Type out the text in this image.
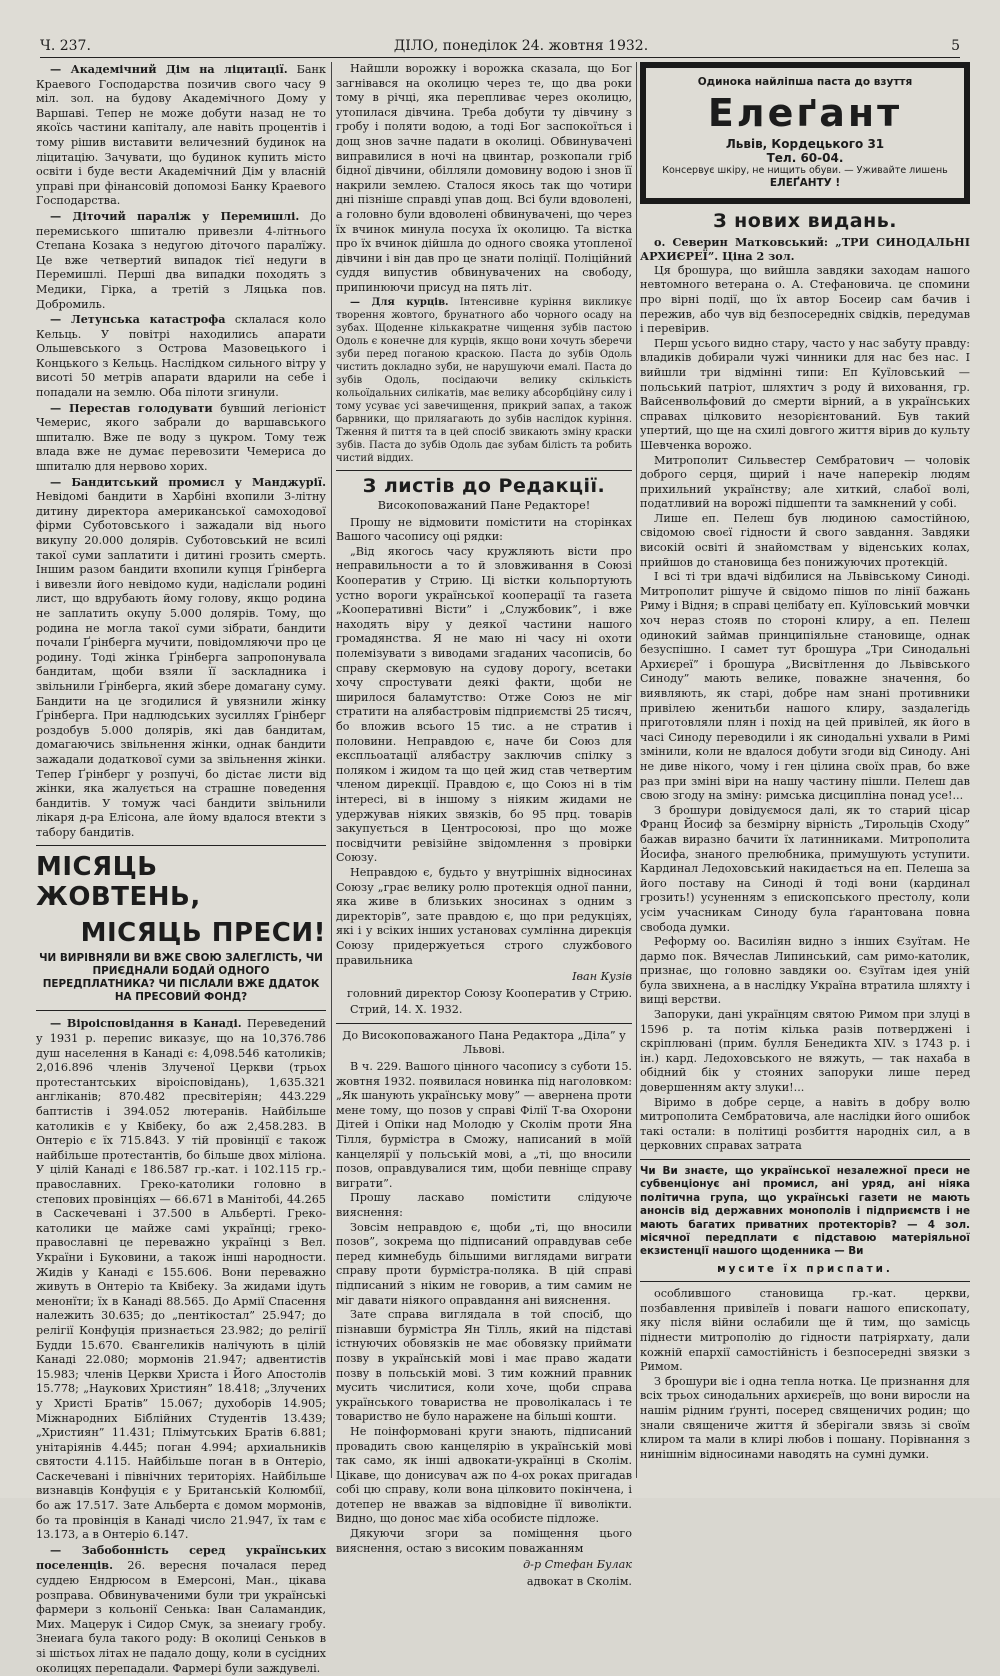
Ч. 237.	ДІЛО, понеділок 24. жовтня 1932.	5

— Академічний Дім на ліцитації. Банк Краевого Господарства позичив свого часу 9 міл. зол. на будову Академічного Дому у Варшаві. Тепер не може добути назад не то якоїсь частини капіталу, але навіть процентів і тому рішив виставити величезний будинок на ліцитацію. Зачувати, що будинок купить місто освіти і буде вести Академічний Дім у власній управі при фінансовій допомозі Банку Краевого Господарства.

— Діточий параліж у Перемишлі. До перемиського шпиталю привезли 4-літнього Степана Козака з недугою діточого паралїжу. Це вже четвертий випадок тієї недуги в Перемишлі. Перші два випадки походять з Медики, Гірка, а третій з Ляцька пов. Добромиль.

— Летунська катастрофа склалася коло Кельць. У повітрі находились апарати Ольшевського з Острова Мазовецького і Концького з Кельць. Наслідком сильного вітру у висоті 50 метрів апарати вдарили на себе і попадали на землю. Оба пілоти згинули.

— Перестав голодувати бувший легіоніст Чемерис, якого забрали до варшавського шпиталю. Вже пе воду з цукром. Тому теж влада вже не думає перевозити Чемериса до шпиталю для нервово хорих.

— Бандитський промисл у Манджурії. Невідомі бандити в Харбіні вхопили 3-літну дитину директора американської самоходової фірми Суботовського і зажадали від нього викупу 20.000 долярів. Суботовський не всилі такої суми заплатити і дитині грозить смерть. Іншим разом бандити вхопили купця Ґрінберга і вивезли його невідомо куди, надіслали родині лист, що вдрубають йому голову, якщо родина не заплатить окупу 5.000 долярів. Тому, що родина не могла такої суми зібрати, бандити почали Ґрінберга мучити, повідомляючи про це родину. Тоді жінка Ґрінберга запропонувала бандитам, щоби взяли її заскладника і звільнили Ґрінберга, який збере домагану суму. Бандити на це згодилися й увязнили жінку Ґрінберга. При надлюдських зусиллях Ґрінберг роздобув 5.000 долярів, які дав бандитам, домагаючись звільнення жінки, однак бандити зажадали додаткової суми за звільнення жінки. Тепер Ґрінберг у розпучі, бо дістає листи від жінки, яка жалується на страшне поведення бандитів. У томуж часі бандити звільнили лікаря д-ра Елісона, але йому вдалося втекти з табору бандитів.

МІСЯЦЬ ЖОВТЕНЬ,
МІСЯЦЬ ПРЕСИ!
ЧИ ВИРІВНЯЛИ ВИ ВЖЕ СВОЮ ЗАЛЕГЛІСТЬ, ЧИ ПРИЄДНАЛИ БОДАЙ ОДНОГО ПЕРЕДПЛАТНИКА? ЧИ ПІСЛАЛИ ВЖЕ ДДАТОК НА ПРЕСОВИЙ ФОНД?

— Віроісповідання в Канаді. Переведений у 1931 р. перепис виказує, що на 10,376.786 душ населення в Канаді є: 4,098.546 католиків; 2,016.896 членів Злученої Церкви (трьох протестантських віроісповідань), 1,635.321 англіканів; 870.482 пресвітеріян; 443.229 баптистів і 394.052 лютеранів. Найбільше католиків є у Квібеку, бо аж 2,458.283. В Онтеріо є їх 715.843. У тій провінції є також найбільше протестантів, бо більше двох міліона. У цілій Канаді є 186.587 гр.-кат. і 102.115 гр.-православних. Греко-католики головно в степових провінціях — 66.671 в Манітобі, 44.265 в Саскечевані і 37.500 в Альберті. Греко-католики це майже самі українці; греко-православні це переважно українці з Вел. України і Буковини, а також інші народности. Жидів у Канаді є 155.606. Вони переважно живуть в Онтеріо та Квібеку. За жидами ідуть менонїти; їх в Канаді 88.565. До Армії Спасення належить 30.635; до „пентікостал” 25.947; до релігії Конфуція признається 23.982; до релігії Будди 15.670. Євангеликів налічують в цілій Канаді 22.080; мормонів 21.947; адвентистів 15.983; членів Церкви Христа і Його Апостолів 15.778; „Наукових Християн” 18.418; „Злучених у Христі Братів” 15.067; духоборів 14.905; Міжнародних Біблійних Студентів 13.439; „Християн” 11.431; Плімутських Братів 6.881; унітаріянів 4.445; поган 4.994; архиальникiв святости 4.115. Найбільше поган в в Онтеріо, Саскечевані і північних територіях. Найбільше визнавців Конфуція є у Британській Колюмбії, бо аж 17.517. Зате Альберта є домом мормонів, бо та провінція в Канаді число 21.947, їх там є 13.173, а в Онтеріо 6.147.

— Забобонність серед українських поселенців. 26. вересня почалася перед суддею Ендрюсом в Емерсоні, Ман., цікава розправа. Обвинуваченими були три українські фармери з кольонії Сенька: Іван Саламандик, Мих. Мацерук і Сидор Смук, за знеиагу гробу. Знеиага була такого роду: В околиці Сеньков в зі шістьох літах не падало дощу, коли в сусідних околицях перепадали. Фармері були заждувелі.

Найшли ворожку і ворожка сказала, що Бог загнівався на околицю через те, що два роки тому в річці, яка перепливає через околицю, утопилася дівчина. Треба добути ту дівчину з гробу і поляти водою, а тоді Бог зaспокоїться і дощ знов зачне падати в околиці. Обвинувачені виправилися в ночі на цвинтар, розкопали гріб бідної дівчини, обілляли домовину водою і знов її накрили землею. Сталося якось так що чотири дні пізніше справді упав дощ. Всі були вдоволені, а головно були вдоволені обвинувачені, що через їх вчинок минула посуха їх околицю. Та вістка про їх вчинок дійшла до одного свояка утопленої дівчини і він дав про це знати поліції. Поліційний суддя випустив обвинувачених на свободу, припинюючи присуд на пять літ.

— Для курців. Інтенсивне куріння викликує творення жовтого, брунатного або чорного осаду на зубах. Щоденне кількакратне чищення зубів пастою Одоль є конечне для курців, якщо вони хочуть зберечи зуби перед поганою краскою. Паста до зубів Одоль чистить докладно зуби, не нарушуючи емалі. Паста до зубів Одоль, посідаючи велику скількість кольоїдальних силікатів, має велику абсорбційну силу і тому усуває усі завечищення, прикрий запах, а також барвники, що приляагають до зубів наслідок куріння. Тження й пиття та в цей спосіб звикають зміну краски зубів. Паста до зубів Одоль дає зубам білість та робить чистий віддих.

З листів до Редакції.

Високоповажаний Пане Редакторе!

Прошу не відмовити помістити на сторінках Вашого часопису оці рядки:

„Від якогось часу кружляють вісти про неправильности а то й зловживання в Союзі Кооператив у Стрию. Ці вістки кольпортують устно вороги української кооперації та газета „Кооперативні Вісти” і „Службовик”, і вже находять віру у деякої частини нашого громадянства. Я не маю ні часу ні охоти полемізувати з виводами згаданих часописів, бо справу скермовую на судову дорогу, всетаки хочу спростувати деякі факти, щоби не ширилося баламутство: Отже Союз не міг стратити на алябастровім підприємстві 25 тисяч, бо вложив всього 15 тис. а не стратив і половини. Неправдою є, наче би Союз для експльоатації алябастру заключив спілку з поляком і жидом та що цей жид став четвертим членом дирекції. Правдою є, що Союз ні в тім інтересі, ві в іншому з ніяким жидами не удержував ніяких звязків, бо 95 прц. товарів закупується в Центросоюзі, про що може посвідчити ревізійне звідомлення з провірки Союзу.

Неправдою є, будьто у внутрішніх відносинах Союзу „грає велику ролю протекція одної панни, яка живе в близьких зносинах з одним з директорів”, зате правдою є, що при редукціях, які і у всіких інших установах сумлінна дирекція Союзу придержуеться строго службового правильника

Іван Кузів

головний директор Союзу Кооператив у Стрию.

Стрий, 14. X. 1932.

До Високоповажаного Пана Редактора „Діла” у Львові.

В ч. 229. Вашого цінного часопису з суботи 15. жовтня 1932. появилася новинка під наголовком: „Як шанують українську мову” — авернена проти мене тому, що позов у справі Філії Т-ва Охорони Дітей і Опіки над Молодю у Сколім проти Яна Тілля, бурмістра в Сможу, написаний в моїй канцелярії у польській мові, а „ті, що вносили позов, оправдувалися тим, щоби певніще справу виграти”.

Прошу ласкаво помістити слідуюче вияснення:

Зовсім неправдою є, щоби „ті, що вносили позов”, зокрема що підписаний оправдував себе перед кимнебудь більшими виглядами виграти справу проти бурмістра-поляка. В цій справі підписаний з ніким не говорив, а тим самим не міг давати ніякого оправдання ані вияснення.

Зате справа виглядала в той спосіб, що пізнавши бурмістра Ян Тілль, який на підставі істнуючих обовязків не має обовязку приймати позву в українській мові і має право жадати позву в польській мові. З тим кожний правник мусить числитися, коли хоче, щоби справа українського товариства не проволікалась і те товариство не було нараженe на більші кошти.

Не поінформовані круги знають, підписаний провадить свою канцелярію в українській мові так само, як інші адвокати-українці в Сколім. Цікаве, що донисувач аж по 4-ох роках пригадав собі цю справу, коли вона цілковито покінчена, і дотепер не вважав за відповідне її виволікти. Видно, що донос має хіба особисте підложе.

Дякуючи згори за поміщення цього вияснення, остаю з високим поважанням

д-р Стефан Булак

адвокат в Сколім.

Одинока найліпша паста до взуття
Елеґант
Львів, Кордецького 31
Тел. 60-04.
Консервує шкіру, не нищить обуви. — Уживайте лишень
ЕЛЕҐАНТУ !
З нових видань.

о. Северин Матковський: „ТРИ СИНОДАЛЬНІ АРХИЄРЕЇ”. Ціна 2 зол.

Ця брошура, що вийшла завдяки заходам нашого невтомного ветерана о. А. Стефановича. це спомини про вірні події, що їх автор Босеир сам бачив і пережив, або чув від безпосередніх свідків, передумав і перевірив.

Перш усього видно стару, часто у нас забуту правду: владиків добирали чужі чинники для нас без нас. І вийшли три відмінні типи: Еп Куїловський — польський патріот, шляхтич з роду й виховання, гр. Вайсенвольфовий до смерти вірний, а в українських справах цілковито незорієнтований. Був такий упертий, що ще на схилі довгого життя вірив до культу Шевченка ворожо.

Митрополит Сильвестер Сембратович — чоловік доброго серця, щирий і наче наперекір людям прихильний українству; але хиткий, слабої волі, податливий на ворожі підшепти та замкнений у собі.

Лише еп. Пелеш був людиною самостійною, свідомою своєї гідности й свого завдання. Завдяки високій освіті й знайомствам у віденських колах, прийшов до становища без понижуючих протекцій.

І всі ті три вдачі відбилися на Львівському Синоді. Митрополит рішуче й свідомо пішов по лінії бажань Риму і Відня; в справі целібату еп. Куїловський мовчки хоч нераз стояв по стороні клиру, а еп. Пелеш одинокий займав принципіяльне становище, однак безуспішно. І самет тут брошура „Три Синодальні Архиєреї” і брошура „Висвітлення до Львівського Синоду” мають велике, поважне значення, бо виявляють, як старі, добре нам знані противники привілею женитьби нашого клиру, заздалегідь приготовляли плян і похід на цей привілей, як його в часі Синоду переводили і як синодальні ухвали в Римі змінили, коли не вдалося добути згоди від Синоду. Ані не диве нікого, чому і ген цілина своїх прав, бо вже раз при зміні віри на нашу частину пішли. Пелеш дав свою згоду на зміну: римська дисципліна понад усе!...

З брошури довідуємося далі, як то старий цісар Франц Йосиф за безмірну вірність „Тирольців Сходу” бажав виразно бачити їх латинниками. Митрополита Йосифа, знаного прелюбника, примушують уступити. Кардинал Ледоховський накидається на еп. Пелеша за його поставу на Синоді й тоді вони (кардинал грозить!) усуненням з епископського престолу, коли усім учасникам Синоду була ґарантована повна свобода думки.

Реформу оо. Василіян видно з інших Єзуїтам. Не дармо пок. Вячеслав Липинський, сам римо-католик, признає, що головно завдяки оо. Єзуїтам ідея уній була звихнена, а в наслідку Україна втратила шляхту і вищі верстви.

Запоруки, дані українцям святою Римом при злуці в 1596 р. та потім кілька разів потверджені і скріплювані (прим. булля Бенедикта XIV. з 1743 р. і ін.) кард. Ледоховського не вяжуть, — так нахаба в обідний бік у стояних запоруки лише перед довершенням акту злуки!...

Віримо в добре серце, а навіть в добру волю митрополита Сембратовича, але наслідки його ошибок такі остали: в політиці розбиття народніх сил, а в церковних справах затрата

Чи Ви знаєте, що української незалежної преси не субвенціонує ані промисл, ані уряд, ані ніяка політична група, що українські газети не мають анонсів від державних монополів і підприємств і не мають багатих приватних протекторів? — 4 зол. місячної передплати є підставою матеріяльної екзистенції нашого щоденника — Ви

мусите їх приспати.

особлившого становища гр.-кат. церкви, позбавлення привілеїв і поваги нашого епископату, яку після війни ослабили ще й тим, що замісць піднести митрополію до гідности патріярхату, дали кожній епархії самостійність і безпосередні звязки з Римом.

З брошури віє і одна тепла нотка. Це признання для всіх трьох синодальних архиєреїв, що вони виросли на нашім рідним ґрунті, посеред священичих родин; що знали священиче життя й зберігали звязь зі своїм клиром та мали в клирі любов і пошану. Порівнання з нинішнім відносинами наводять на сумні думки.
